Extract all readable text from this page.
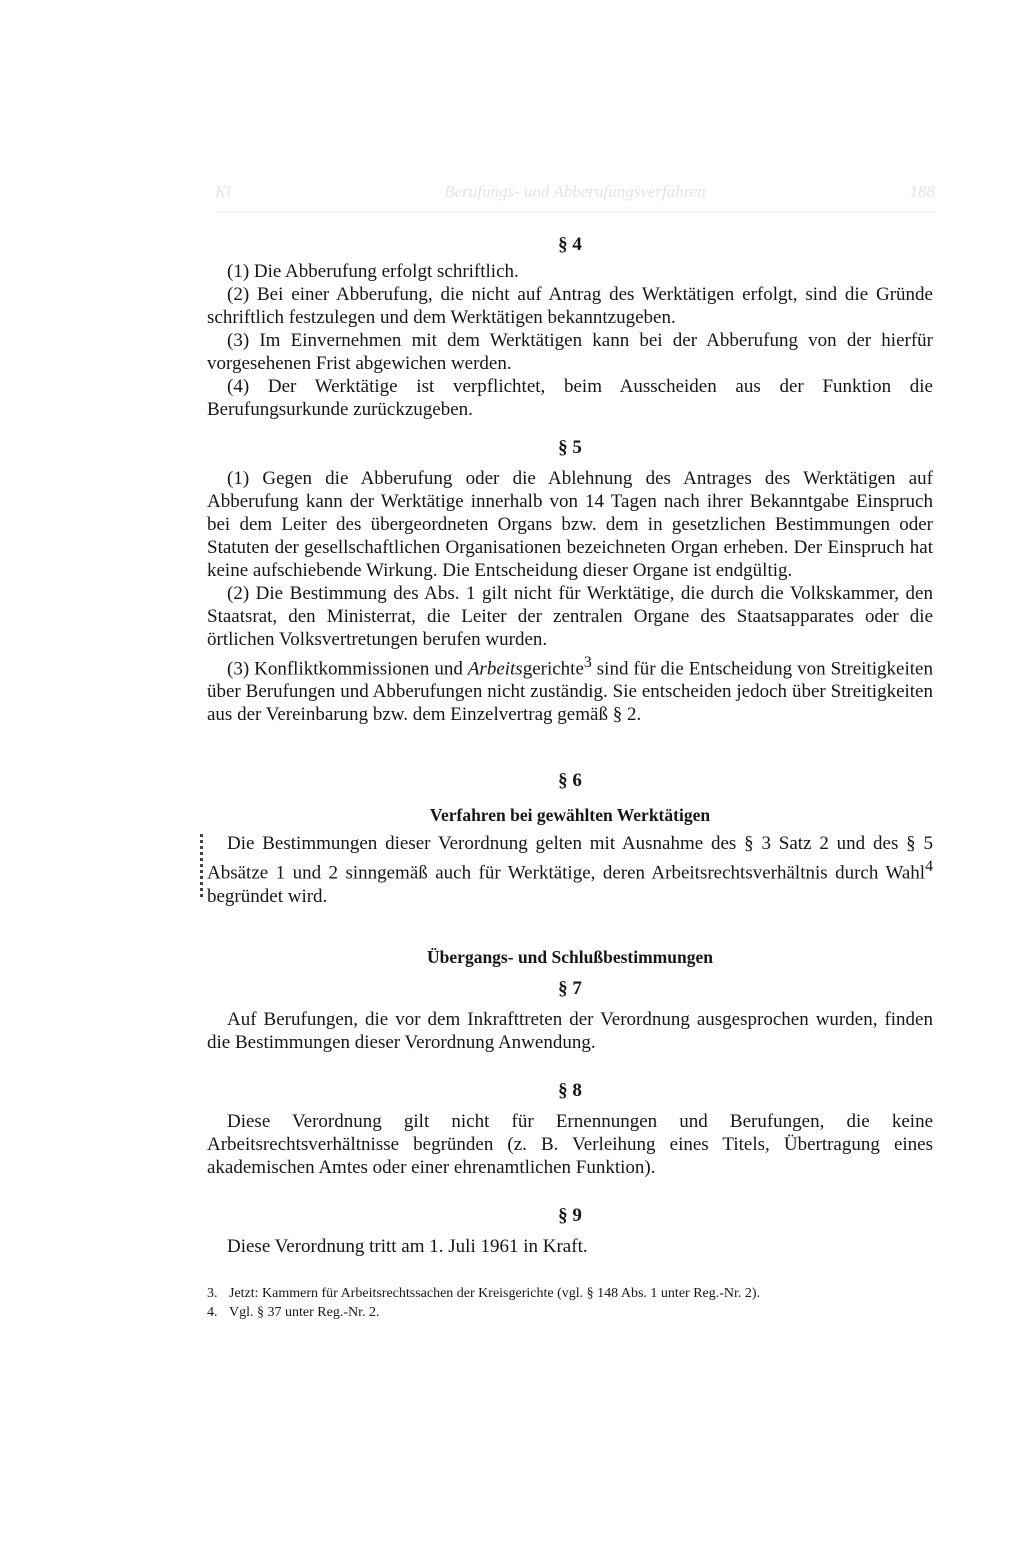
Ki	Berufungs- und Abberufungsverfahren	188
§ 4

(1) Die Abberufung erfolgt schriftlich.

(2) Bei einer Abberufung, die nicht auf Antrag des Werktätigen erfolgt, sind die Gründe schriftlich festzulegen und dem Werktätigen bekanntzugeben.

(3) Im Einvernehmen mit dem Werktätigen kann bei der Abberufung von der hierfür vorgesehenen Frist abgewichen werden.

(4) Der Werktätige ist verpflichtet, beim Ausscheiden aus der Funktion die Berufungsurkunde zurückzugeben.

§ 5

(1) Gegen die Abberufung oder die Ablehnung des Antrages des Werktätigen auf Abberufung kann der Werktätige innerhalb von 14 Tagen nach ihrer Bekanntgabe Einspruch bei dem Leiter des übergeordneten Organs bzw. dem in gesetzlichen Bestimmungen oder Statuten der gesellschaftlichen Organisationen bezeichneten Organ erheben. Der Einspruch hat keine aufschiebende Wirkung. Die Entscheidung dieser Organe ist endgültig.

(2) Die Bestimmung des Abs. 1 gilt nicht für Werktätige, die durch die Volkskammer, den Staatsrat, den Ministerrat, die Leiter der zentralen Organe des Staatsapparates oder die örtlichen Volksvertretungen berufen wurden.

(3) Konfliktkommissionen und Arbeitsgerichte$^3$ sind für die Entscheidung von Streitigkeiten über Berufungen und Abberufungen nicht zuständig. Sie entscheiden jedoch über Streitigkeiten aus der Vereinbarung bzw. dem Einzelvertrag gemäß § 2.

§ 6
Verfahren bei gewählten Werktätigen

Die Bestimmungen dieser Verordnung gelten mit Ausnahme des § 3 Satz 2 und des § 5 Absätze 1 und 2 sinngemäß auch für Werktätige, deren Arbeitsrechtsverhältnis durch Wahl$^4$ begründet wird.

Übergangs- und Schlußbestimmungen
§ 7

Auf Berufungen, die vor dem Inkrafttreten der Verordnung ausgesprochen wurden, finden die Bestimmungen dieser Verordnung Anwendung.

§ 8

Diese Verordnung gilt nicht für Ernennungen und Berufungen, die keine Arbeitsrechtsverhältnisse begründen (z. B. Verleihung eines Titels, Übertragung eines akademischen Amtes oder einer ehrenamtlichen Funktion).

§ 9

Diese Verordnung tritt am 1. Juli 1961 in Kraft.

3. Jetzt: Kammern für Arbeitsrechtssachen der Kreisgerichte (vgl. § 148 Abs. 1 unter Reg.-Nr. 2).

4. Vgl. § 37 unter Reg.-Nr. 2.
